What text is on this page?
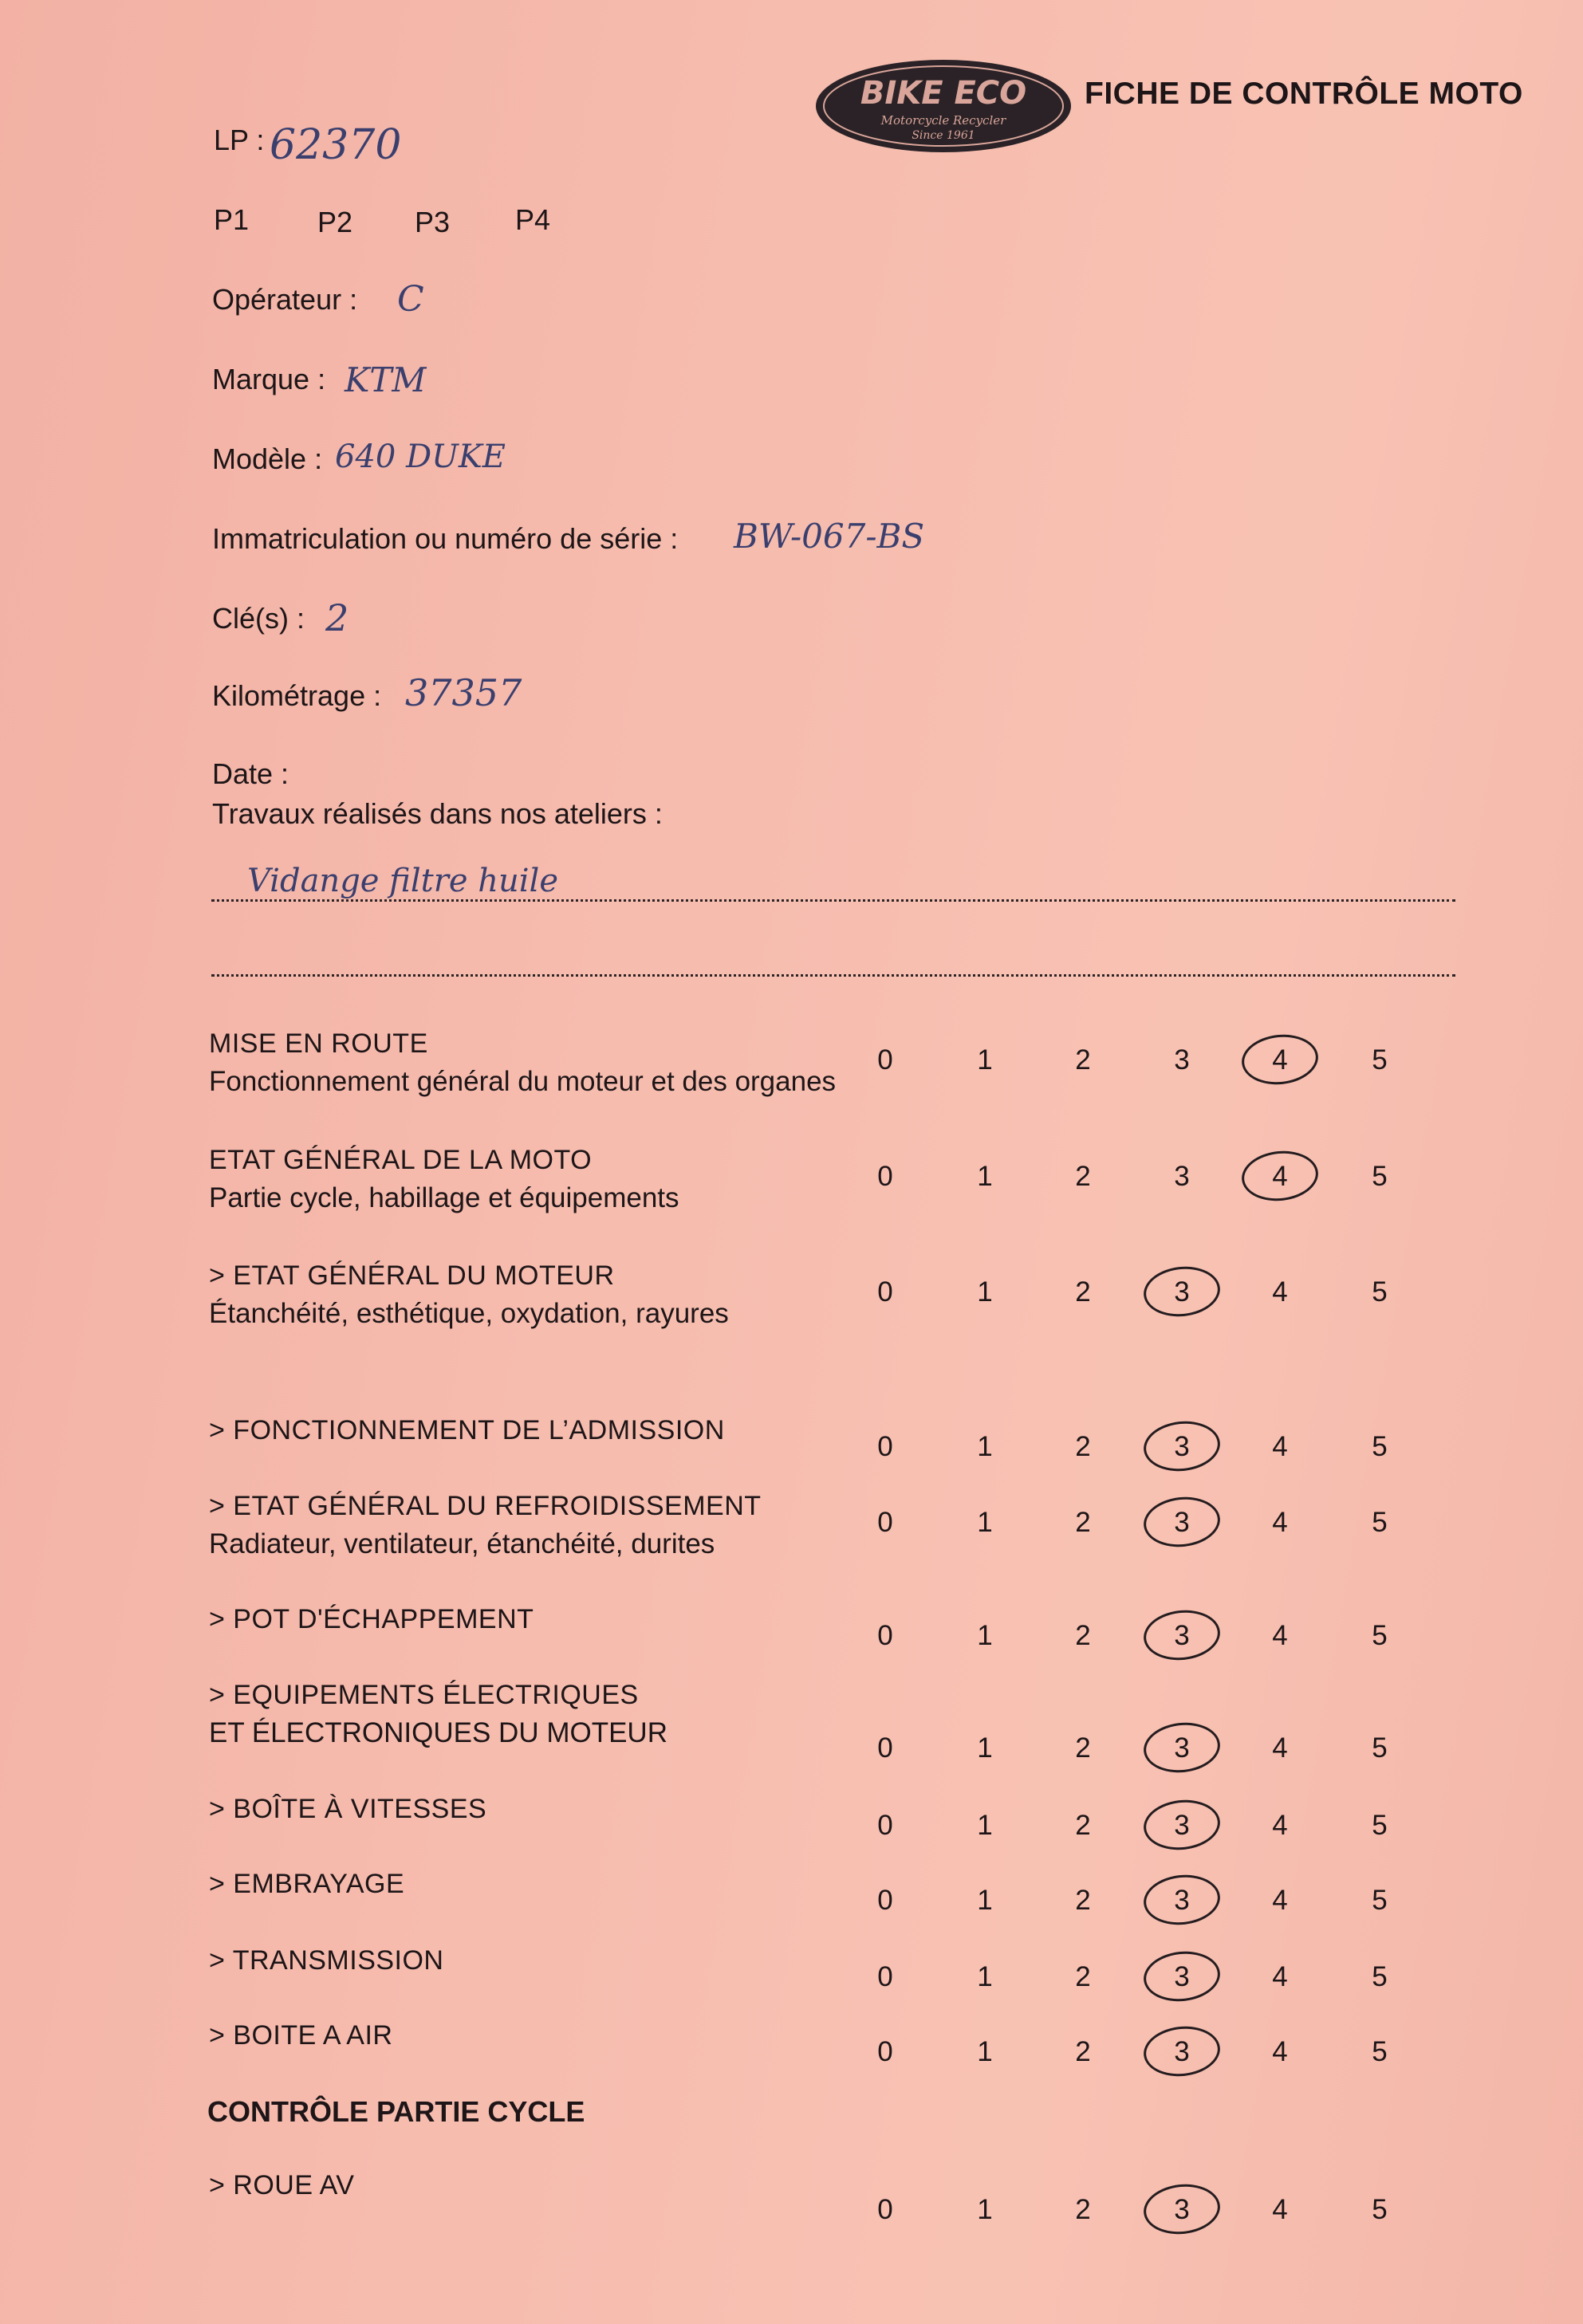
BIKE ECO
Motorcycle Recycler
Since 1961
FICHE DE CONTRÔLE MOTO
LP : 62370
P1 P2 P3 P4
Opérateur : C
Marque : KTM
Modèle : 640 DUKE
Immatriculation ou numéro de série : BW-067-BS
Clé(s) : 2
Kilométrage : 37357
Date :
Travaux réalisés dans nos ateliers :
Vidange filtre huile
MISE EN ROUTE
Fonctionnement général du moteur et des organes
0	1	2	3	4	5
ETAT GÉNÉRAL DE LA MOTO
Partie cycle, habillage et équipements
0	1	2	3	4	5
> ETAT GÉNÉRAL DU MOTEUR
Étanchéité, esthétique, oxydation, rayures
0	1	2	3	4	5
> FONCTIONNEMENT DE L’ADMISSION
0	1	2	3	4	5
> ETAT GÉNÉRAL DU REFROIDISSEMENT
Radiateur, ventilateur, étanchéité, durites
0	1	2	3	4	5
> POT D'ÉCHAPPEMENT
0	1	2	3	4	5
> EQUIPEMENTS ÉLECTRIQUES
ET ÉLECTRONIQUES DU MOTEUR	0	1	2	3	4	5
> BOÎTE À VITESSES
0	1	2	3	4	5
> EMBRAYAGE
0	1	2	3	4	5
> TRANSMISSION
0	1	2	3	4	5
> BOITE A AIR
0	1	2	3	4	5
CONTRÔLE PARTIE CYCLE
> ROUE AV
0	1	2	3	4	5
